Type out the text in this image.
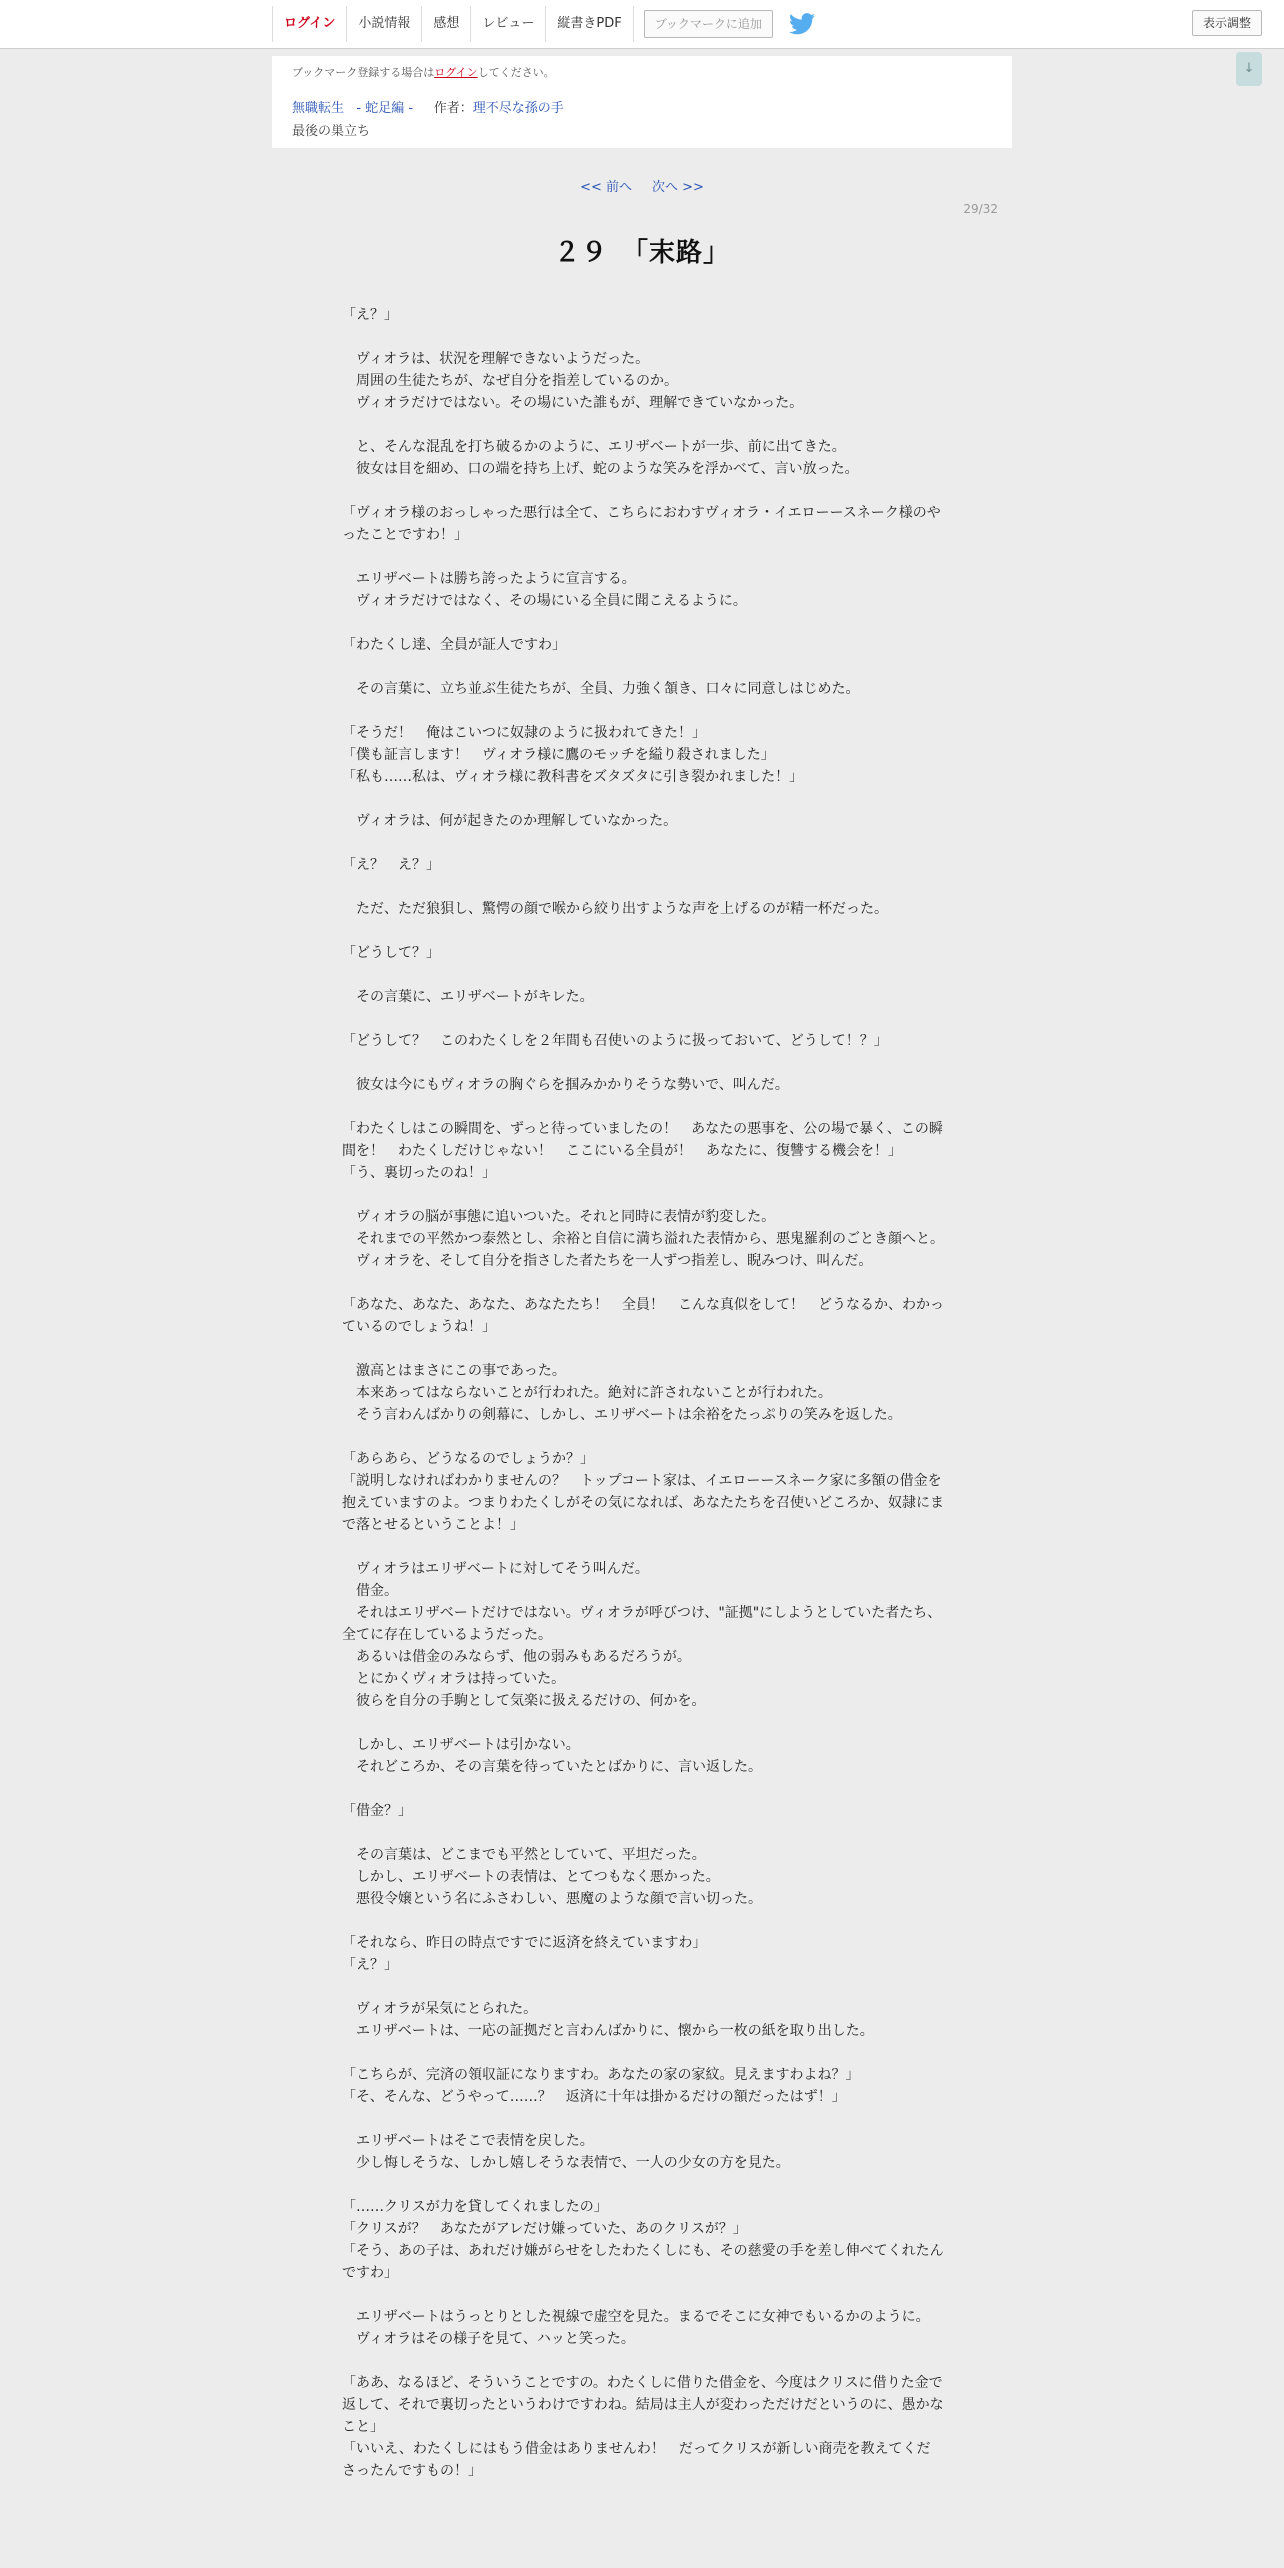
ログイン	小説情報	感想	レビュー	縦書きPDF	ブックマークに追加	表示調整
↓
ブックマーク登録する場合はログインしてください。
無職転生 - 蛇足編 - 作者：理不尽な孫の手
最後の巣立ち
<< 前へ 次へ >>
29/32
２９　「末路」
「え？」
　ヴィオラは、状況を理解できないようだった。
　周囲の生徒たちが、なぜ自分を指差しているのか。
　ヴィオラだけではない。その場にいた誰もが、理解できていなかった。
　と、そんな混乱を打ち破るかのように、エリザベートが一歩、前に出てきた。
　彼女は目を細め、口の端を持ち上げ、蛇のような笑みを浮かべて、言い放った。
「ヴィオラ様のおっしゃった悪行は全て、こちらにおわすヴィオラ・イエローースネーク様のやったことですわ！」
　エリザベートは勝ち誇ったように宣言する。
　ヴィオラだけではなく、その場にいる全員に聞こえるように。
「わたくし達、全員が証人ですわ」
　その言葉に、立ち並ぶ生徒たちが、全員、力強く頷き、口々に同意しはじめた。
「そうだ！　俺はこいつに奴隷のように扱われてきた！」
「僕も証言します！　ヴィオラ様に鷹のモッチを縊り殺されました」
「私も……私は、ヴィオラ様に教科書をズタズタに引き裂かれました！」
　ヴィオラは、何が起きたのか理解していなかった。
「え？　え？」
　ただ、ただ狼狽し、驚愕の顔で喉から絞り出すような声を上げるのが精一杯だった。
「どうして？」
　その言葉に、エリザベートがキレた。
「どうして？　このわたくしを２年間も召使いのように扱っておいて、どうして！？」
　彼女は今にもヴィオラの胸ぐらを掴みかかりそうな勢いで、叫んだ。
「わたくしはこの瞬間を、ずっと待っていましたの！　あなたの悪事を、公の場で暴く、この瞬間を！　わたくしだけじゃない！　ここにいる全員が！　あなたに、復讐する機会を！」
「う、裏切ったのね！」
　ヴィオラの脳が事態に追いついた。それと同時に表情が豹変した。
　それまでの平然かつ泰然とし、余裕と自信に満ち溢れた表情から、悪鬼羅刹のごとき顔へと。
　ヴィオラを、そして自分を指さした者たちを一人ずつ指差し、睨みつけ、叫んだ。
「あなた、あなた、あなた、あなたたち！　全員！　こんな真似をして！　どうなるか、わかっているのでしょうね！」
　激高とはまさにこの事であった。
　本来あってはならないことが行われた。絶対に許されないことが行われた。
　そう言わんばかりの剣幕に、しかし、エリザベートは余裕をたっぷりの笑みを返した。
「あらあら、どうなるのでしょうか？」
「説明しなければわかりませんの？　トップコート家は、イエローースネーク家に多額の借金を抱えていますのよ。つまりわたくしがその気になれば、あなたたちを召使いどころか、奴隷にまで落とせるということよ！」
　ヴィオラはエリザベートに対してそう叫んだ。
　借金。
　それはエリザベートだけではない。ヴィオラが呼びつけ、"証拠"にしようとしていた者たち、全てに存在しているようだった。
　あるいは借金のみならず、他の弱みもあるだろうが。
　とにかくヴィオラは持っていた。
　彼らを自分の手駒として気楽に扱えるだけの、何かを。
　しかし、エリザベートは引かない。
　それどころか、その言葉を待っていたとばかりに、言い返した。
「借金？」
　その言葉は、どこまでも平然としていて、平坦だった。
　しかし、エリザベートの表情は、とてつもなく悪かった。
　悪役令嬢という名にふさわしい、悪魔のような顔で言い切った。
「それなら、昨日の時点ですでに返済を終えていますわ」
「え？」
　ヴィオラが呆気にとられた。
　エリザベートは、一応の証拠だと言わんばかりに、懐から一枚の紙を取り出した。
「こちらが、完済の領収証になりますわ。あなたの家の家紋。見えますわよね？」
「そ、そんな、どうやって……？　返済に十年は掛かるだけの額だったはず！」
　エリザベートはそこで表情を戻した。
　少し悔しそうな、しかし嬉しそうな表情で、一人の少女の方を見た。
「……クリスが力を貸してくれましたの」
「クリスが？　あなたがアレだけ嫌っていた、あのクリスが？」
「そう、あの子は、あれだけ嫌がらせをしたわたくしにも、その慈愛の手を差し伸べてくれたんですわ」
　エリザベートはうっとりとした視線で虚空を見た。まるでそこに女神でもいるかのように。
　ヴィオラはその様子を見て、ハッと笑った。
「ああ、なるほど、そういうことですの。わたくしに借りた借金を、今度はクリスに借りた金で返して、それで裏切ったというわけですわね。結局は主人が変わっただけだというのに、愚かなこと」
「いいえ、わたくしにはもう借金はありませんわ！　だってクリスが新しい商売を教えてくださったんですもの！」
